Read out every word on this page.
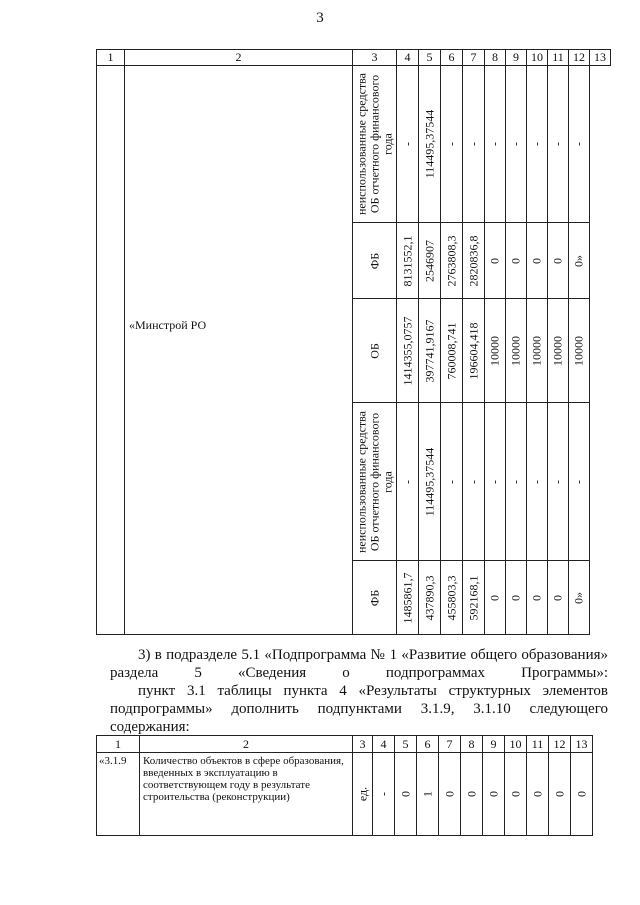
3
1	2	3	4	5	6	7	8	9	10	11	12	13

	«Минстрой РО	неиспользованные средства ОБ отчетного финансового года	-	114495,37544	-	-	-	-	-	-	-	

		ФБ	8131552,1	2546907	2763808,3	2820836,8	0	0	0	0	0»	

		ОБ	1414355,0757	397741,9167	760008,741	196604,418	10000	10000	10000	10000	10000	

		неиспользованные средства ОБ отчетного финансового года	-	114495,37544	-	-	-	-	-	-	-	

		ФБ	1485861,7	437890,3	455803,3	592168,1	0	0	0	0	0»	
3) в подразделе 5.1 «Подпрограмма № 1 «Развитие общего образования» раздела 5 «Сведения о подпрограммах Программы»:
пункт 3.1 таблицы пункта 4 «Результаты структурных элементов подпрограммы» дополнить подпунктами 3.1.9, 3.1.10 следующего содержания:
1	2	3	4	5	6	7	8	9	10	11	12	13
«3.1.9	Количество объектов в сфере образования, введенных в эксплуатацию в соответствующем году в результате строительства (реконструкции)	ед.	-	0	1	0	0	0	0	0	0	0
